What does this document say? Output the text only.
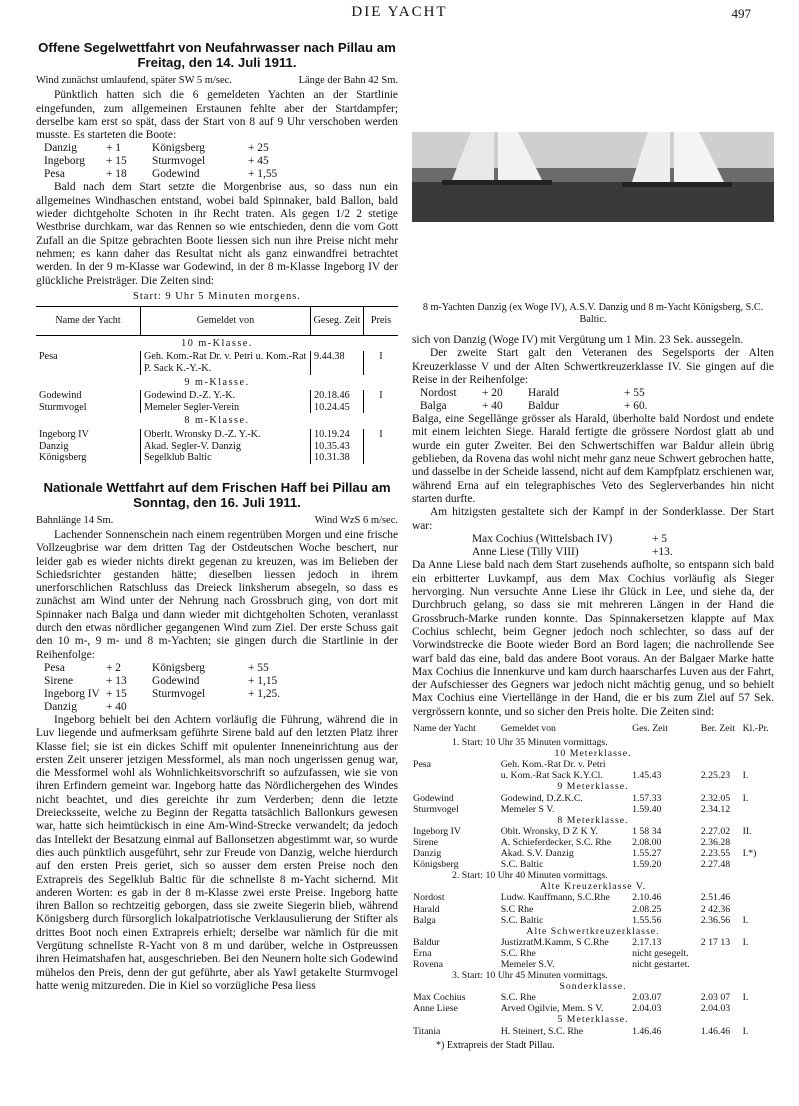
DIE YACHT	497
Offene Segelwettfahrt von Neufahrwasser nach Pillau am Freitag, den 14. Juli 1911.
Wind zunächst umlaufend, später SW 5 m/sec.	Länge der Bahn 42 Sm.

Pünktlich hatten sich die 6 gemeldeten Yachten an der Startlinie eingefunden, zum allgemeinen Erstaunen fehlte aber der Startdampfer; derselbe kam erst so spät, dass der Start von 8 auf 9 Uhr verschoben werden musste. Es starteten die Boote:

Danzig	+ 1	Königsberg	+ 25
Ingeborg	+ 15	Sturmvogel	+ 45
Pesa	+ 18	Godewind	+ 1,55

Bald nach dem Start setzte die Morgenbrise aus, so dass nun ein allgemeines Windhaschen entstand, wobei bald Spinnaker, bald Ballon, bald wieder dichtgeholte Schoten in ihr Recht traten. Als gegen 1/2 2 stetige Westbrise durchkam, war das Rennen so wie entschieden, denn die vom Gott Zufall an die Spitze gebrachten Boote liessen sich nun ihre Preise nicht mehr nehmen; es kann daher das Resultat nicht als ganz einwandfrei betrachtet werden. In der 9 m-Klasse war Godewind, in der 8 m-Klasse Ingeborg IV der glückliche Preisträger. Die Zeiten sind:

Start: 9 Uhr 5 Minuten morgens.
Name der Yacht	Gemeldet von	Geseg. Zeit	Preis
10 m-Klasse.			
Pesa	Geh. Kom.-Rat Dr. v. Petri u. Kom.-Rat P. Sack K.-Y.-K.	9.44.38	I
9 m-Klasse.			
Godewind	Godewind D.-Z. Y.-K.	20.18.46	I
Sturmvogel	Memeler Segler-Verein	10.24.45	
8 m-Klasse.			
Ingeborg IV	Oberlt. Wronsky D.-Z. Y.-K.	10.19.24	I
Danzig	Akad. Segler-V. Danzig	10.35.43	
Königsberg	Segelklub Baltic	10.31.38	
Nationale Wettfahrt auf dem Frischen Haff bei Pillau am Sonntag, den 16. Juli 1911.
Bahnlänge 14 Sm.	Wind WzS 6 m/sec.

Lachender Sonnenschein nach einem regentrüben Morgen und eine frische Vollzeugbrise war dem dritten Tag der Ostdeutschen Woche beschert, nur leider gab es wieder nichts direkt gegenan zu kreuzen, was im Belieben der Schiedsrichter gestanden hätte; dieselben liessen jedoch in ihrem unerforschlichen Ratschluss das Dreieck linksherum absegeln, so dass es zunächst am Wind unter der Nehrung nach Grossbruch ging, von dort mit Spinnaker nach Balga und dann wieder mit dichtgeholten Schoten, veranlasst durch den etwas nördlicher gegangenen Wind zum Ziel. Der erste Schuss gait den 10 m-, 9 m- und 8 m-Yachten; sie gingen durch die Startlinie in der Reihenfolge:

Pesa	+ 2	Königsberg	+ 55
Sirene	+ 13	Godewind	+ 1,15
Ingeborg IV + 15	Sturmvogel	+ 1,25.
Danzig	+ 40

Ingeborg behielt bei den Achtern vorläufig die Führung, während die in Luv liegende und aufmerksam geführte Sirene bald auf den letzten Platz ihrer Klasse fiel; sie ist ein dickes Schiff mit opulenter Inneneinrichtung aus der ersten Zeit unserer jetzigen Messformel, als man noch ungerissen genug war, die Messformel wohl als Wohnlichkeitsvorschrift so aufzufassen, wie sie von ihren Erfindern gemeint war. Ingeborg hatte das Nördlichergehen des Windes nicht beachtet, und dies gereichte ihr zum Verderben; denn die letzte Dreiecksseite, welche zu Beginn der Regatta tatsächlich Ballonkurs gewesen war, hatte sich heimtückisch in eine Am-Wind-Strecke verwandelt; da jedoch das Intellekt der Besatzung einmal auf Ballonsetzen abgestimmt war, so wurde dies auch pünktlich ausgeführt, sehr zur Freude von Danzig, welche hierdurch auf den ersten Preis geriet, sich so ausser dem ersten Preise noch den Extrapreis des Segelklub Baltic für die schnellste 8 m-Yacht sichernd. Mit anderen Worten: es gab in der 8 m-Klasse zwei erste Preise. Ingeborg hatte ihren Ballon so rechtzeitig geborgen, dass sie zweite Siegerin blieb, während Königsberg durch fürsorglich lokalpatriotische Verklausulierung der Stifter als drittes Boot noch einen Extrapreis erhielt; derselbe war nämlich für die mit Vergütung schnellste R-Yacht von 8 m und darüber, welche in Ostpreussen ihren Heimatshafen hat, ausgeschrieben. Bei den Neunern holte sich Godewind mühelos den Preis, denn der gut geführte, aber als Yawl getakelte Sturmvogel hatte wenig mitzureden. Die in Kiel so vorzügliche Pesa liess

8 m-Yachten Danzig (ex Woge IV), A.S.V. Danzig und 8 m-Yacht Königsberg, S.C. Baltic.

sich von Danzig (Woge IV) mit Vergütung um 1 Min. 23 Sek. aussegeln.

Der zweite Start galt den Veteranen des Segelsports der Alten Kreuzerklasse V und der Alten Schwertkreuzerklasse IV. Sie gingen auf die Reise in der Reihenfolge:

Nordost	+ 20	Harald	+ 55
Balga	+ 40	Baldur	+ 60.

Balga, eine Segellänge grösser als Harald, überholte bald Nordost und endete mit einem leichten Siege. Harald fertigte die grössere Nordost glatt ab und wurde ein guter Zweiter. Bei den Schwertschiffen war Baldur allein übrig geblieben, da Rovena das wohl nicht mehr ganz neue Schwert gebrochen hatte, und dasselbe in der Scheide lassend, nicht auf dem Kampfplatz erschienen war, während Erna auf ein telegraphisches Veto des Seglerverbandes hin nicht starten durfte.

Am hitzigsten gestaltete sich der Kampf in der Sonderklasse. Der Start war:

Max Cochius (Wittelsbach IV)	+ 5
Anne Liese (Tilly VIII)	+13.

Da Anne Liese bald nach dem Start zusehends aufholte, so entspann sich bald ein erbitterter Luvkampf, aus dem Max Cochius vorläufig als Sieger hervorging. Nun versuchte Anne Liese ihr Glück in Lee, und siehe da, der Durchbruch gelang, so dass sie mit mehreren Längen in der Hand die Grossbruch-Marke runden konnte. Das Spinnakersetzen klappte auf Max Cochius schlecht, beim Gegner jedoch noch schlechter, so dass auf der Vorwindstrecke die Boote wieder Bord an Bord lagen; die nachrollende See warf bald das eine, bald das andere Boot voraus. An der Balgaer Marke hatte Max Cochius die Innenkurve und kam durch haarscharfes Luven aus der Fahrt, der Aufschiesser des Gegners war jedoch nicht mächtig genug, und so behielt Max Cochius eine Viertellänge in der Hand, die er bis zum Ziel auf 57 Sek. vergrössern konnte, und so sicher den Preis holte. Die Zeiten sind:

Name der Yacht	Gemeldet von	Ges. Zeit	Ber. Zeit	Kl.-Pr.
1. Start: 10 Uhr 35 Minuten vormittags.				
10 Meterklasse.				
Pesa	Geh. Kom.-Rat Dr. v. Petri			
	u. Kom.-Rat Sack K.Y.Cl.	1.45.43	2.25.23	I.
9 Meterklasse.				
Godewind	Godewind, D.Z.K.C.	1.57.33	2.32.05	I.
Sturmvogel	Memeler S V.	1.59.40	2.34.12	
8 Meterklasse.				
Ingeborg IV	Oblt. Wronsky, D Z K Y.	1 58 34	2.27.02	II.
Sirene	A. Schieferdecker, S.C. Rhe	2.08.00	2.36.28	
Danzig	Akad. S.V. Danzig	1.55.27	2.23.55	I.*)
Königsberg	S.C. Baltic	1.59.20	2.27.48	
2. Start: 10 Uhr 40 Minuten vormittags.				
Alte Kreuzerklasse V.				
Nordost	Ludw. Kauffmann, S.C.Rhe	2.10.46	2.51.46	
Harald	S.C Rhe	2.08.25	2 42.36	
Balga	S.C. Baltic	1.55.56	2.36.56	I.
Alte Schwertkreuzerklasse.				
Baldur	JustizratM.Kamm, S C.Rhe	2.17.13	2 17 13	I.
Erna	S.C. Rhe	nicht gesegelt.		
Rovena	Memeler S.V.	nicht gestartet.		
3. Start: 10 Uhr 45 Minuten vormittags.				
Sonderklasse.				
Max Cochius	S.C. Rhe	2.03.07	2.03 07	I.
Anne Liese	Arved Ogilvie, Mem. S V.	2.04.03	2.04.03	
5 Meterklasse.				
Titania	H. Steinert, S.C. Rhe	1.46.46	1.46.46	I.
*) Extrapreis der Stadt Pillau.
